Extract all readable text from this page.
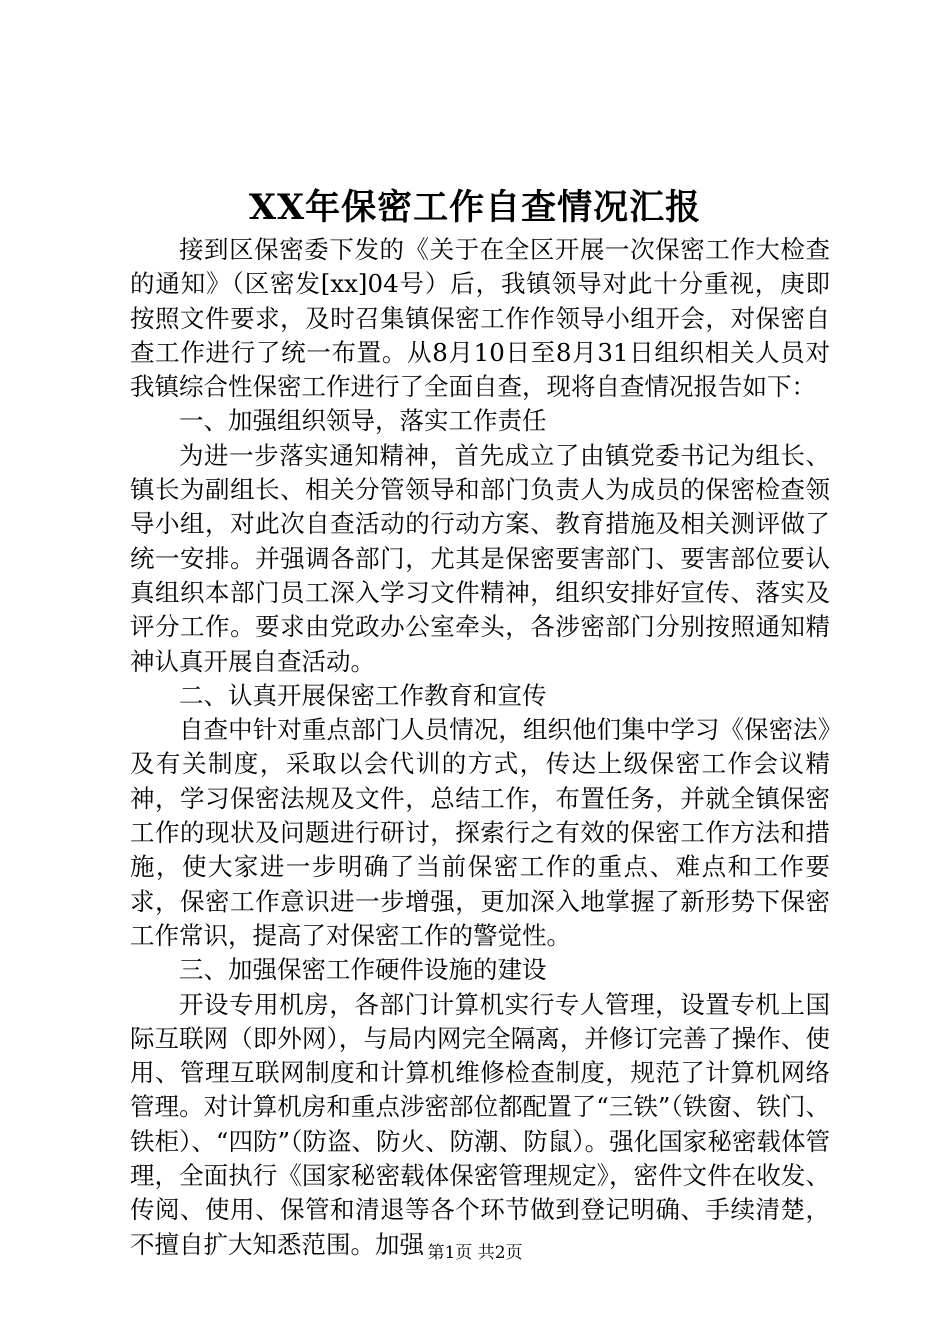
XX年保密工作自查情况汇报

接到区保密委下发的《关于在全区开展一次保密工作大检查的通知》（区密发[xx]04号）后，我镇领导对此十分重视，庚即按照文件要求，及时召集镇保密工作作领导小组开会，对保密自查工作进行了统一布置。从8月10日至8月31日组织相关人员对我镇综合性保密工作进行了全面自查，现将自查情况报告如下：

一、加强组织领导，落实工作责任

为进一步落实通知精神，首先成立了由镇党委书记为组长、镇长为副组长、相关分管领导和部门负责人为成员的保密检查领导小组，对此次自查活动的行动方案、教育措施及相关测评做了统一安排。并强调各部门，尤其是保密要害部门、要害部位要认真组织本部门员工深入学习文件精神，组织安排好宣传、落实及评分工作。要求由党政办公室牵头，各涉密部门分别按照通知精神认真开展自查活动。

二、认真开展保密工作教育和宣传

自查中针对重点部门人员情况，组织他们集中学习《保密法》及有关制度，采取以会代训的方式，传达上级保密工作会议精神，学习保密法规及文件，总结工作，布置任务，并就全镇保密工作的现状及问题进行研讨，探索行之有效的保密工作方法和措施，使大家进一步明确了当前保密工作的重点、难点和工作要求，保密工作意识进一步增强，更加深入地掌握了新形势下保密工作常识，提高了对保密工作的警觉性。

三、加强保密工作硬件设施的建设

开设专用机房，各部门计算机实行专人管理，设置专机上国际互联网（即外网），与局内网完全隔离，并修订完善了操作、使用、管理互联网制度和计算机维修检查制度，规范了计算机网络管理。对计算机房和重点涉密部位都配置了“三铁”（铁窗、铁门、铁柜）、“四防”（防盗、防火、防潮、防鼠）。强化国家秘密载体管理，全面执行《国家秘密载体保密管理规定》，密件文件在收发、传阅、使用、保管和清退等各个环节做到登记明确、手续清楚，不擅自扩大知悉范围。加强 第1页 共2页
